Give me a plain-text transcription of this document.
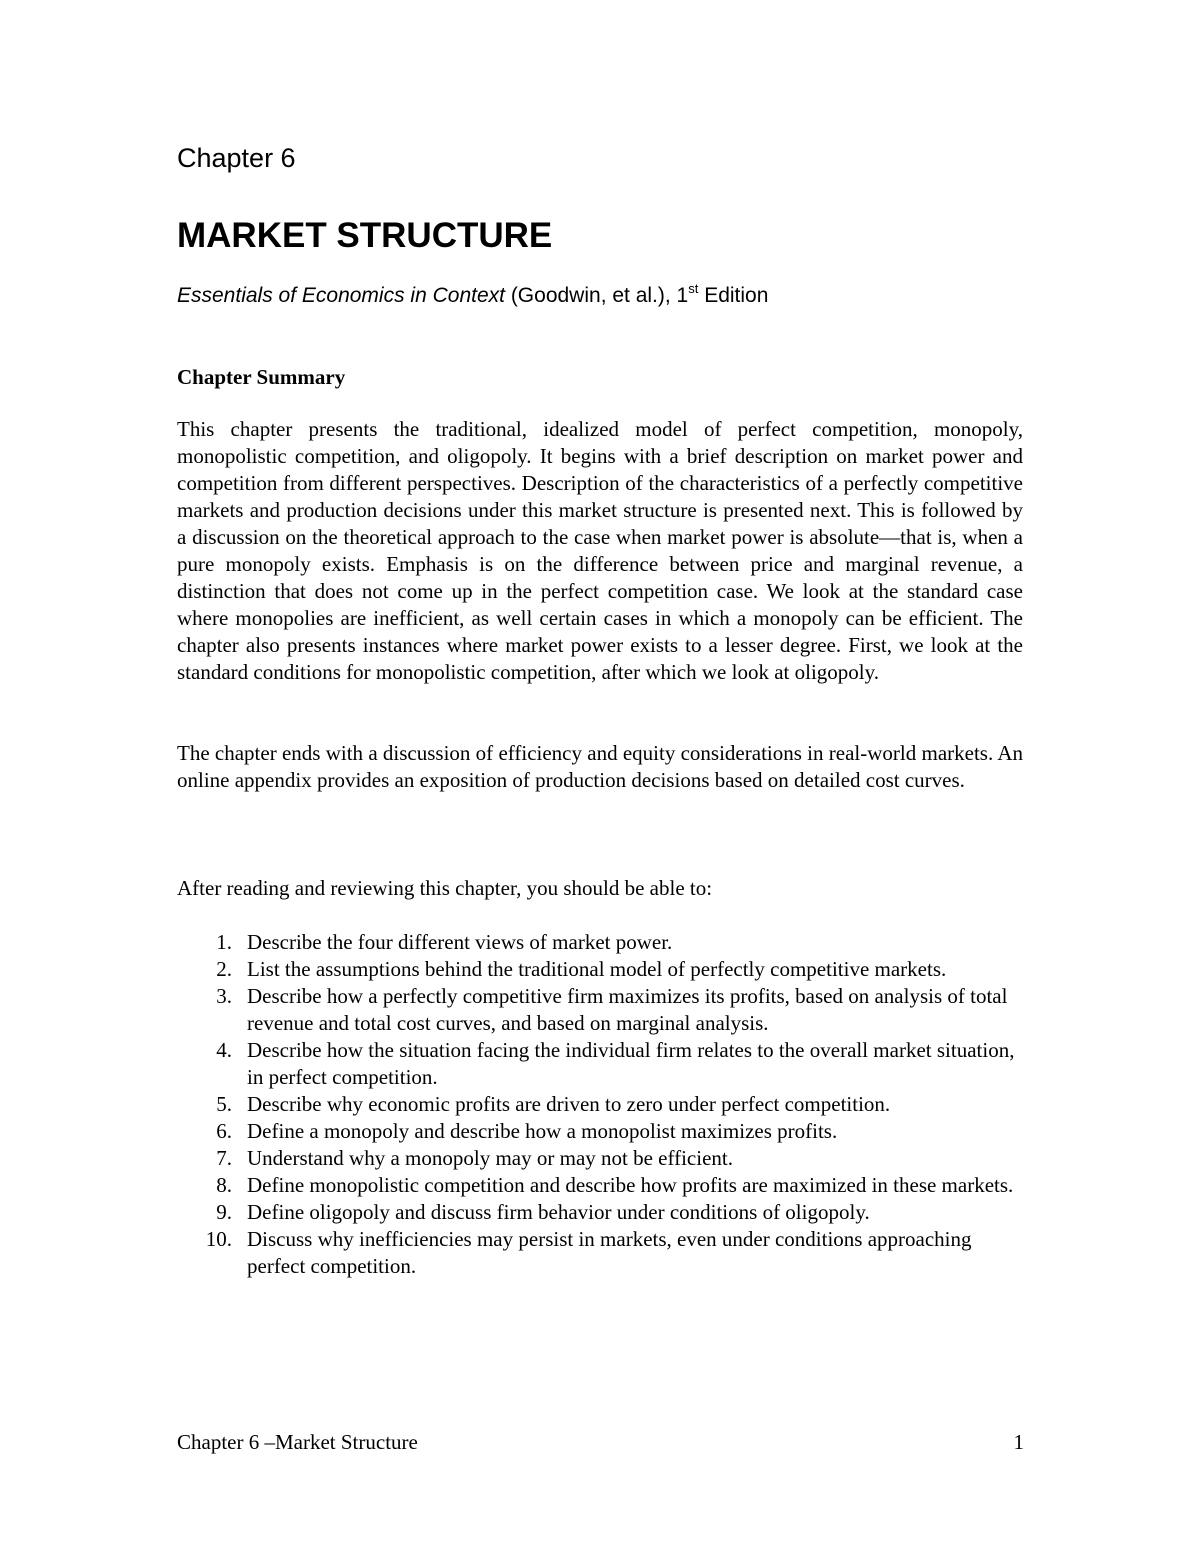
Chapter 6
MARKET STRUCTURE
Essentials of Economics in Context (Goodwin, et al.), 1st Edition
Chapter Summary

This chapter presents the traditional, idealized model of perfect competition, monopoly, monopolistic competition, and oligopoly. It begins with a brief description on market power and competition from different perspectives. Description of the characteristics of a perfectly competitive markets and production decisions under this market structure is presented next. This is followed by a discussion on the theoretical approach to the case when market power is absolute—that is, when a pure monopoly exists. Emphasis is on the difference between price and marginal revenue, a distinction that does not come up in the perfect competition case. We look at the standard case where monopolies are inefficient, as well certain cases in which a monopoly can be efficient. The chapter also presents instances where market power exists to a lesser degree. First, we look at the standard conditions for monopolistic competition, after which we look at oligopoly.

The chapter ends with a discussion of efficiency and equity considerations in real-world markets. An online appendix provides an exposition of production decisions based on detailed cost curves.

After reading and reviewing this chapter, you should be able to:

1. Describe the four different views of market power.
2. List the assumptions behind the traditional model of perfectly competitive markets.
3. Describe how a perfectly competitive firm maximizes its profits, based on analysis of total revenue and total cost curves, and based on marginal analysis.
4. Describe how the situation facing the individual firm relates to the overall market situation, in perfect competition.
5. Describe why economic profits are driven to zero under perfect competition.
6. Define a monopoly and describe how a monopolist maximizes profits.
7. Understand why a monopoly may or may not be efficient.
8. Define monopolistic competition and describe how profits are maximized in these markets.
9. Define oligopoly and discuss firm behavior under conditions of oligopoly.
10. Discuss why inefficiencies may persist in markets, even under conditions approaching perfect competition.
Chapter 6 –Market Structure	1
